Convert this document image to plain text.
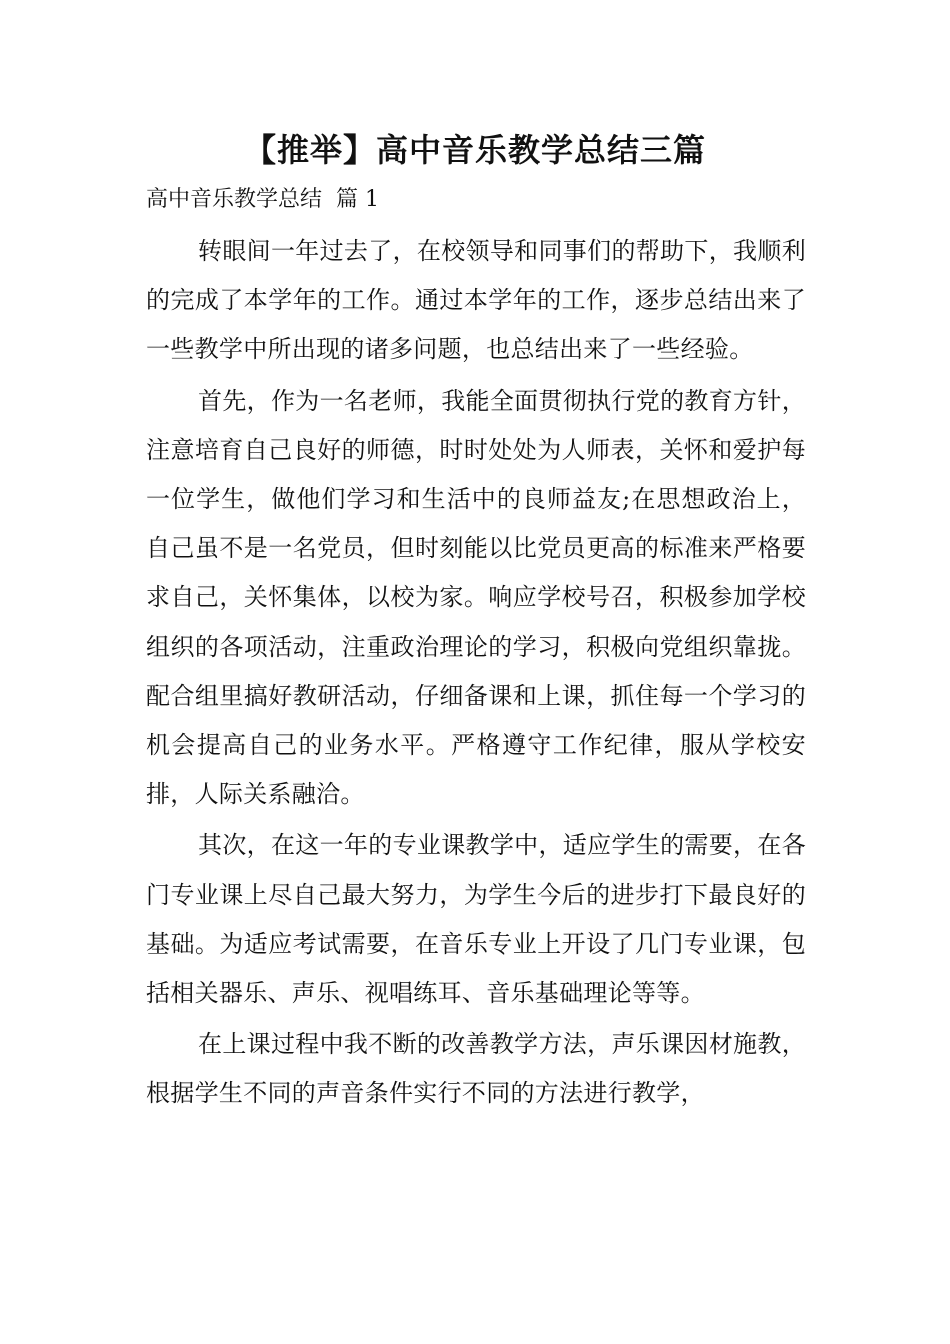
【推举】高中音乐教学总结三篇
高中音乐教学总结  篇 1

转眼间一年过去了，在校领导和同事们的帮助下，我顺利的完成了本学年的工作。通过本学年的工作，逐步总结出来了一些教学中所出现的诸多问题，也总结出来了一些经验。

首先，作为一名老师，我能全面贯彻执行党的教育方针，注意培育自己良好的师德，时时处处为人师表，关怀和爱护每一位学生，做他们学习和生活中的良师益友;在思想政治上，自己虽不是一名党员，但时刻能以比党员更高的标准来严格要求自己，关怀集体，以校为家。响应学校号召，积极参加学校组织的各项活动，注重政治理论的学习，积极向党组织靠拢。配合组里搞好教研活动，仔细备课和上课，抓住每一个学习的机会提高自己的业务水平。严格遵守工作纪律，服从学校安排，人际关系融洽。

其次，在这一年的专业课教学中，适应学生的需要，在各门专业课上尽自己最大努力，为学生今后的进步打下最良好的基础。为适应考试需要，在音乐专业上开设了几门专业课，包括相关器乐、声乐、视唱练耳、音乐基础理论等等。

在上课过程中我不断的改善教学方法，声乐课因材施教，根据学生不同的声音条件实行不同的方法进行教学，
